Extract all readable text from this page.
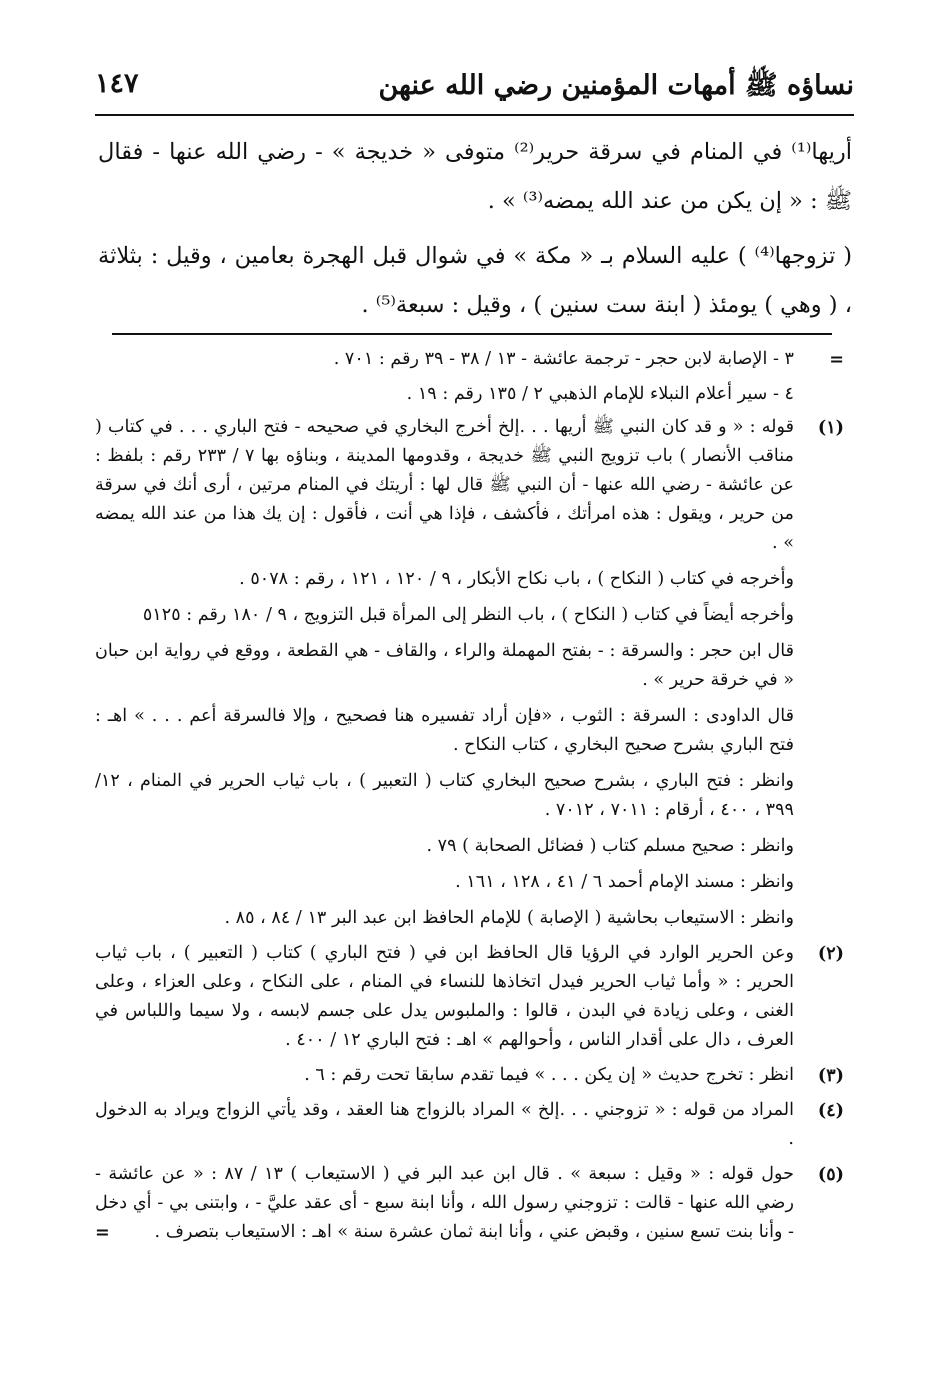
نساؤه ﷺ أمهات المؤمنين رضي الله عنهن
١٤٧

أريها⁽¹⁾ في المنام في سرقة حرير⁽²⁾ متوفى « خديجة » - رضي الله عنها - فقال ﷺ : « إن يكن من عند الله يمضه⁽³⁾ » .

( تزوجها⁽⁴⁾ ) عليه السلام بـ « مكة » في شوال قبل الهجرة بعامين ، وقيل : بثلاثة ، ( وهي ) يومئذ ( ابنة ست سنين ) ، وقيل : سبعة⁽⁵⁾ .

=

٣ - الإصابة لابن حجر - ترجمة عائشة - ١٣ / ٣٨ - ٣٩ رقم : ٧٠١ .

٤ - سير أعلام النبلاء للإمام الذهبي ٢ / ١٣٥ رقم : ١٩ .

(١)

قوله : « و قد كان النبي ﷺ أريها . . .إلخ أخرج البخاري في صحيحه - فتح الباري . . . في كتاب ( مناقب الأنصار ) باب تزويج النبي ﷺ خديجة ، وقدومها المدينة ، وبناؤه بها ٧ / ٢٣٣ رقم : بلفظ : عن عائشة - رضي الله عنها - أن النبي ﷺ قال لها : أريتك في المنام مرتين ، أرى أنك في سرقة من حرير ، ويقول : هذه امرأتك ، فأكشف ، فإذا هي أنت ، فأقول : إن يك هذا من عند الله يمضه » .

وأخرجه في كتاب ( النكاح ) ، باب نكاح الأبكار ، ٩ / ١٢٠ ، ١٢١ ، رقم : ٥٠٧٨ .

وأخرجه أيضاً في كتاب ( النكاح ) ، باب النظر إلى المرأة قبل التزويج ، ٩ / ١٨٠ رقم : ٥١٢٥

قال ابن حجر : والسرقة : - بفتح المهملة والراء ، والقاف - هي القطعة ، ووقع في رواية ابن حبان « في خرقة حرير » .

قال الداودى : السرقة : الثوب ، «فإن أراد تفسيره هنا فصحيح ، وإلا فالسرقة أعم . . . » اهـ : فتح الباري بشرح صحيح البخاري ، كتاب النكاح .

وانظر : فتح الباري ، بشرح صحيح البخاري كتاب ( التعبير ) ، باب ثياب الحرير في المنام ، ١٢/ ٣٩٩ ، ٤٠٠ ، أرقام : ٧٠١١ ، ٧٠١٢ .

وانظر : صحيح مسلم كتاب ( فضائل الصحابة ) ٧٩ .

وانظر : مسند الإمام أحمد ٦ / ٤١ ، ١٢٨ ، ١٦١ .

وانظر : الاستيعاب بحاشية ( الإصابة ) للإمام الحافظ ابن عبد البر ١٣ / ٨٤ ، ٨٥ .

(٢)

وعن الحرير الوارد في الرؤيا قال الحافظ ابن في ( فتح الباري ) كتاب ( التعبير ) ، باب ثياب الحرير : « وأما ثياب الحرير فيدل اتخاذها للنساء في المنام ، على النكاح ، وعلى العزاء ، وعلى الغنى ، وعلى زيادة في البدن ، قالوا : والملبوس يدل على جسم لابسه ، ولا سيما واللباس في العرف ، دال على أقدار الناس ، وأحوالهم » اهـ : فتح الباري ١٢ / ٤٠٠ .

(٣)

انظر : تخرج حديث « إن يكن . . . » فيما تقدم سابقا تحت رقم : ٦ .

(٤)

المراد من قوله : « تزوجني . . .إلخ » المراد بالزواج هنا العقد ، وقد يأتي الزواج ويراد به الدخول .

(٥)

حول قوله : « وقيل : سبعة » . قال ابن عبد البر في ( الاستيعاب ) ١٣ / ٨٧ : « عن عائشة - رضي الله عنها - قالت : تزوجني رسول الله ، وأنا ابنة سبع - أى عقد عليَّ - ، وابتنى بي - أي دخل - وأنا بنت تسع سنين ، وقبض عني ، وأنا ابنة ثمان عشرة سنة » اهـ : الاستيعاب بتصرف .

=
